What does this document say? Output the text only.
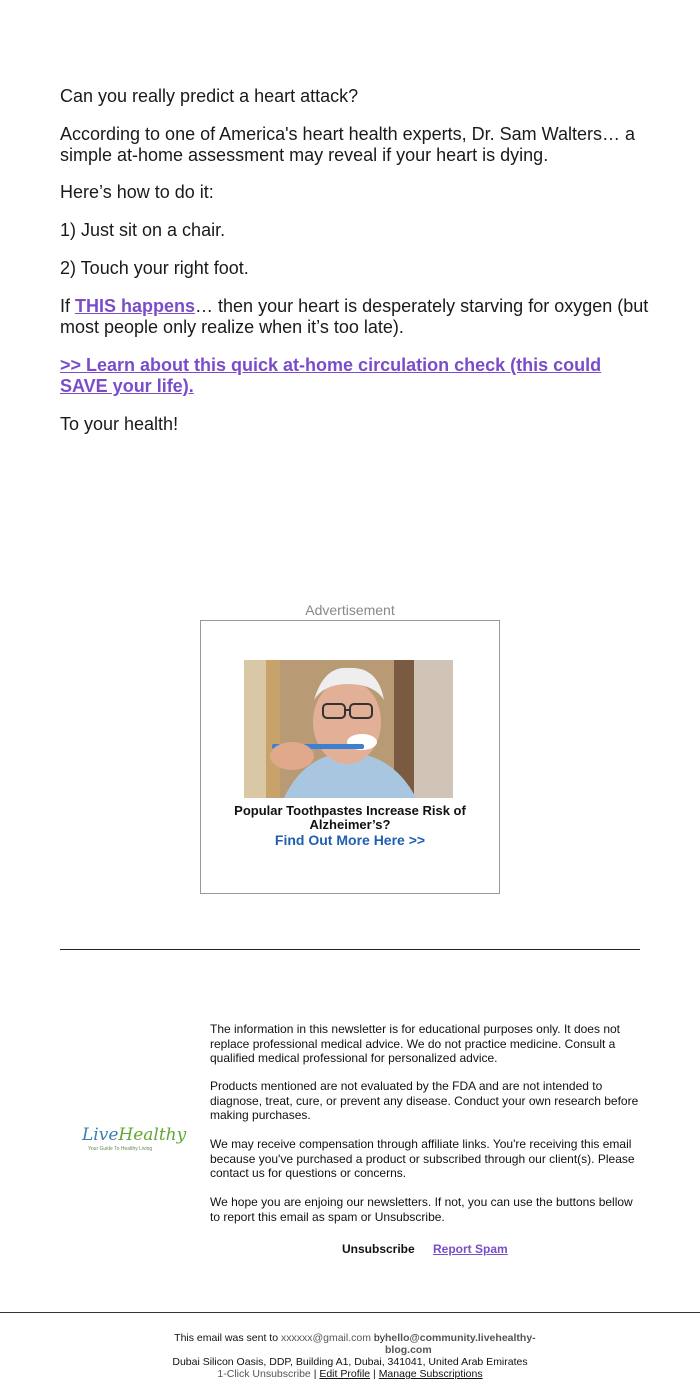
Can you really predict a heart attack?

According to one of America's heart health experts, Dr. Sam Walters… a simple at-home assessment may reveal if your heart is dying.

Here’s how to do it:

1) Just sit on a chair.

2) Touch your right foot.

If THIS happens… then your heart is desperately starving for oxygen (but most people only realize when it’s too late).

>> Learn about this quick at-home circulation check (this could SAVE your life).

To your health!

Advertisement
Popular Toothpastes Increase Risk of Alzheimer’s?
Find Out More Here >>
LiveHealthy
Your Guide To Healthy Living
The information in this newsletter is for educational purposes only. It does not replace professional medical advice. We do not practice medicine. Consult a qualified medical professional for personalized advice.
Products mentioned are not evaluated by the FDA and are not intended to diagnose, treat, cure, or prevent any disease. Conduct your own research before making purchases.
We may receive compensation through affiliate links. You're receiving this email because you've purchased a product or subscribed through our client(s). Please contact us for questions or concerns.
We hope you are enjoing our newsletters. If not, you can use the buttons bellow to report this email as spam or Unsubscribe.
Unsubscribe Report Spam
This email was sent to xxxxxx@gmail.com by hello@community.livehealthy-blog.com
Dubai Silicon Oasis, DDP, Building A1, Dubai, 341041, United Arab Emirates
1-Click Unsubscribe | Edit Profile | Manage Subscriptions
